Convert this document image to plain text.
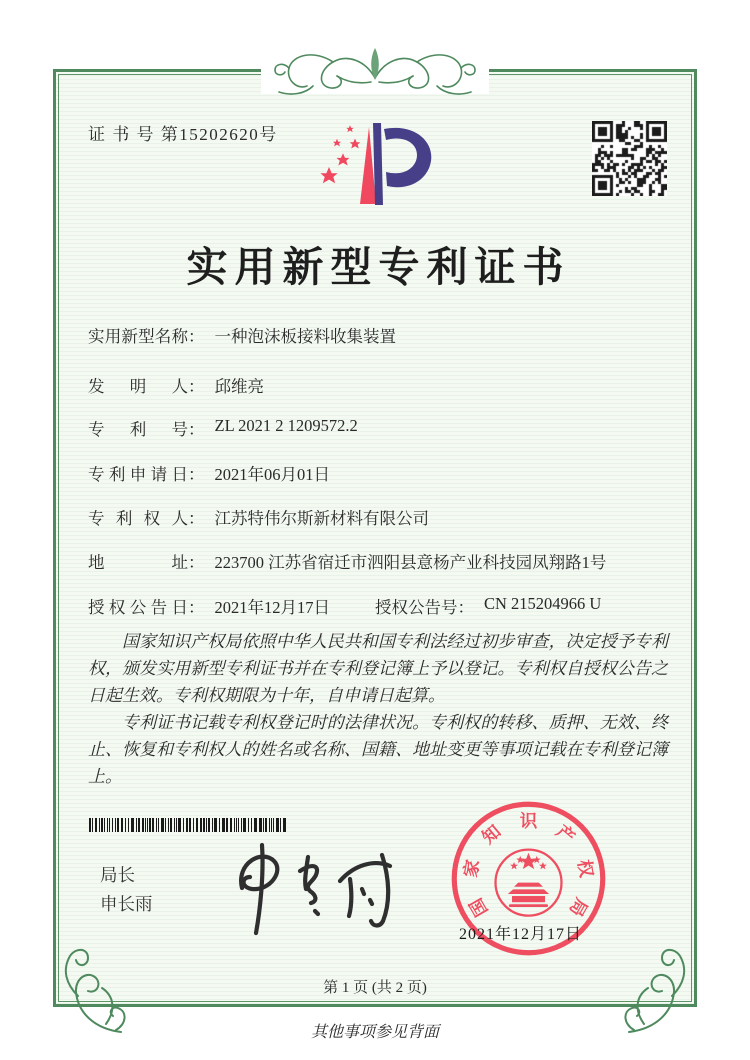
证 书 号 第15202620号
实用新型专利证书
实用新型名称 ： 一种泡沫板接料收集装置
发明人 ： 邱维亮
专利号 ： ZL 2021 2 1209572.2
专利申请日 ： 2021年06月01日
专利权人 ： 江苏特伟尔斯新材料有限公司
地址 ： 223700 江苏省宿迁市泗阳县意杨产业科技园凤翔路1号
授权公告日 ： 2021年12月17日	授权公告号 ： CN 215204966 U

国家知识产权局依照中华人民共和国专利法经过初步审查，决定授予专利权，颁发实用新型专利证书并在专利登记簿上予以登记。专利权自授权公告之日起生效。专利权期限为十年，自申请日起算。

专利证书记载专利权登记时的法律状况。专利权的转移、质押、无效、终止、恢复和专利权人的姓名或名称、国籍、地址变更等事项记载在专利登记簿上。

局长
申长雨	国
家
知
识
产
权
局
2021年12月17日
第 1 页 (共 2 页)
其他事项参见背面
